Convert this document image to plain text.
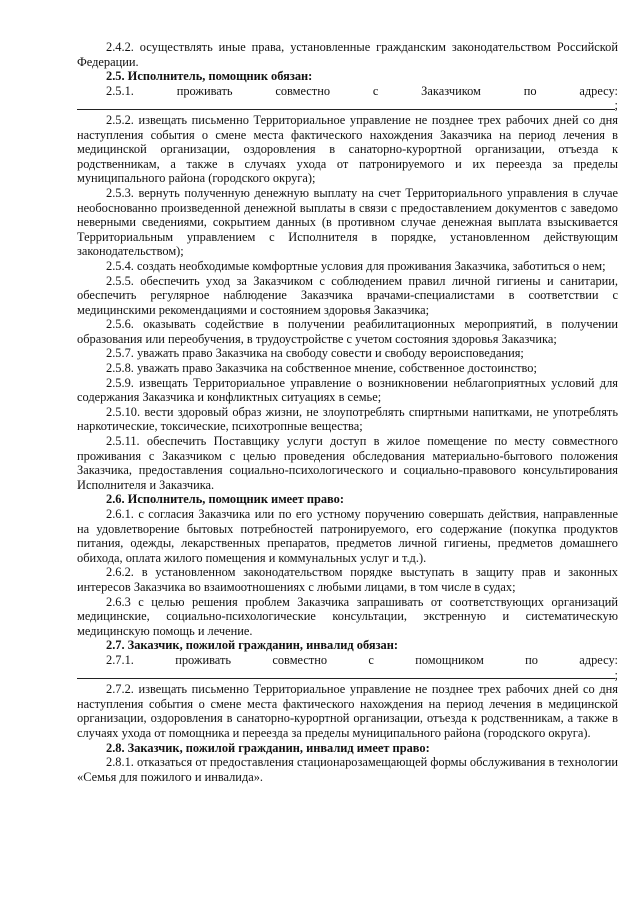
2.4.2. осуществлять иные права, установленные гражданским законодательством Российской Федерации.

2.5. Исполнитель, помощник обязан:

2.5.1.	проживать	совместно	с	Заказчиком	по	адресу:
;

2.5.2. извещать письменно Территориальное управление не позднее трех рабочих дней со дня наступления события о смене места фактического нахождения Заказчика на период лечения в медицинской организации, оздоровления в санаторно-курортной организации, отъезда к родственникам, а также в случаях ухода от патронируемого и их переезда за пределы муниципального района (городского округа);

2.5.3. вернуть полученную денежную выплату на счет Территориального управления в случае необоснованно произведенной денежной выплаты в связи с предоставлением документов с заведомо неверными сведениями, сокрытием данных (в противном случае денежная выплата взыскивается Территориальным управлением с Исполнителя в порядке, установленном действующим законодательством);

2.5.4. создать необходимые комфортные условия для проживания Заказчика, заботиться о нем;

2.5.5. обеспечить уход за Заказчиком с соблюдением правил личной гигиены и санитарии, обеспечить регулярное наблюдение Заказчика врачами-специалистами в соответствии с медицинскими рекомендациями и состоянием здоровья Заказчика;

2.5.6. оказывать содействие в получении реабилитационных мероприятий, в получении образования или переобучения, в трудоустройстве с учетом состояния здоровья Заказчика;

2.5.7. уважать право Заказчика на свободу совести и свободу вероисповедания;

2.5.8. уважать право Заказчика на собственное мнение, собственное достоинство;

2.5.9. извещать Территориальное управление о возникновении неблагоприятных условий для содержания Заказчика и конфликтных ситуациях в семье;

2.5.10. вести здоровый образ жизни, не злоупотреблять спиртными напитками, не употреблять наркотические, токсические, психотропные вещества;

2.5.11. обеспечить Поставщику услуги доступ в жилое помещение по месту совместного проживания с Заказчиком с целью проведения обследования материально-бытового положения Заказчика, предоставления социально-психологического и социально-правового консультирования Исполнителя и Заказчика.

2.6. Исполнитель, помощник имеет право:

2.6.1. с согласия Заказчика или по его устному поручению совершать действия, направленные на удовлетворение бытовых потребностей патронируемого, его содержание (покупка продуктов питания, одежды, лекарственных препаратов, предметов личной гигиены, предметов домашнего обихода, оплата жилого помещения и коммунальных услуг и т.д.).

2.6.2. в установленном законодательством порядке выступать в защиту прав и законных интересов Заказчика во взаимоотношениях с любыми лицами, в том числе в судах;

2.6.3 с целью решения проблем Заказчика запрашивать от соответствующих организаций медицинские, социально-психологические консультации, экстренную и систематическую медицинскую помощь и лечение.

2.7. Заказчик, пожилой гражданин, инвалид обязан:

2.7.1.	проживать	совместно	с	помощником	по	адресу:
;

2.7.2. извещать письменно Территориальное управление не позднее трех рабочих дней со дня наступления события о смене места фактического нахождения на период лечения в медицинской организации, оздоровления в санаторно-курортной организации, отъезда к родственникам, а также в случаях ухода от помощника и переезда за пределы муниципального района (городского округа).

2.8. Заказчик, пожилой гражданин, инвалид имеет право:

2.8.1. отказаться от предоставления стационарозамещающей формы обслуживания в технологии «Семья для пожилого и инвалида».
